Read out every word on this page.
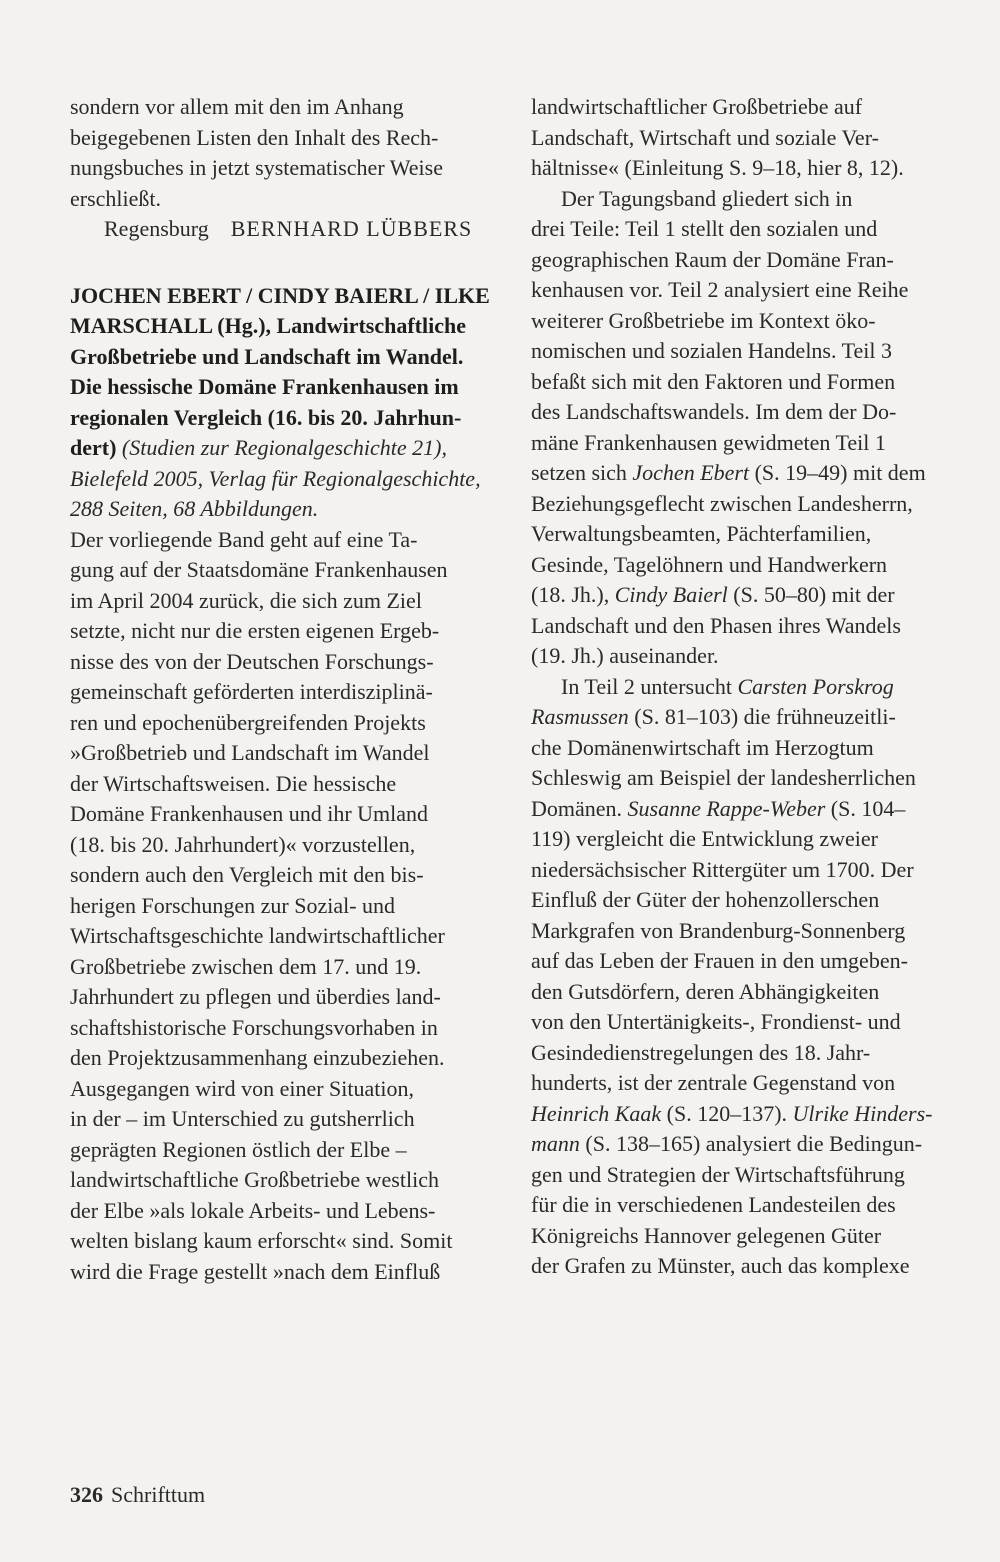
sondern vor allem mit den im Anhang
beigegebenen Listen den Inhalt des Rech-
nungsbuches in jetzt systematischer Weise
erschließt.
Regensburg BERNHARD LÜBBERS
JOCHEN EBERT / CINDY BAIERL / ILKE
MARSCHALL (Hg.), Landwirtschaftliche
Großbetriebe und Landschaft im Wandel.
Die hessische Domäne Frankenhausen im
regionalen Vergleich (16. bis 20. Jahrhun-
dert) (Studien zur Regionalgeschichte 21),
Bielefeld 2005, Verlag für Regionalgeschichte,
288 Seiten, 68 Abbildungen.
Der vorliegende Band geht auf eine Ta-
gung auf der Staatsdomäne Frankenhausen
im April 2004 zurück, die sich zum Ziel
setzte, nicht nur die ersten eigenen Ergeb-
nisse des von der Deutschen Forschungs-
gemeinschaft geförderten interdisziplinä-
ren und epochenübergreifenden Projekts
»Großbetrieb und Landschaft im Wandel
der Wirtschaftsweisen. Die hessische
Domäne Frankenhausen und ihr Umland
(18. bis 20. Jahrhundert)« vorzustellen,
sondern auch den Vergleich mit den bis-
herigen Forschungen zur Sozial- und
Wirtschaftsgeschichte landwirtschaftlicher
Großbetriebe zwischen dem 17. und 19.
Jahrhundert zu pflegen und überdies land-
schaftshistorische Forschungsvorhaben in
den Projektzusammenhang einzubeziehen.
Ausgegangen wird von einer Situation,
in der – im Unterschied zu gutsherrlich
geprägten Regionen östlich der Elbe –
landwirtschaftliche Großbetriebe westlich
der Elbe »als lokale Arbeits- und Lebens-
welten bislang kaum erforscht« sind. Somit
wird die Frage gestellt »nach dem Einfluß
landwirtschaftlicher Großbetriebe auf
Landschaft, Wirtschaft und soziale Ver-
hältnisse« (Einleitung S. 9–18, hier 8, 12).
Der Tagungsband gliedert sich in
drei Teile: Teil 1 stellt den sozialen und
geographischen Raum der Domäne Fran-
kenhausen vor. Teil 2 analysiert eine Reihe
weiterer Großbetriebe im Kontext öko-
nomischen und sozialen Handelns. Teil 3
befaßt sich mit den Faktoren und Formen
des Landschaftswandels. Im dem der Do-
mäne Frankenhausen gewidmeten Teil 1
setzen sich Jochen Ebert (S. 19–49) mit dem
Beziehungsgeflecht zwischen Landesherrn,
Verwaltungsbeamten, Pächterfamilien,
Gesinde, Tagelöhnern und Handwerkern
(18. Jh.), Cindy Baierl (S. 50–80) mit der
Landschaft und den Phasen ihres Wandels
(19. Jh.) auseinander.
In Teil 2 untersucht Carsten Porskrog
Rasmussen (S. 81–103) die frühneuzeitli-
che Domänenwirtschaft im Herzogtum
Schleswig am Beispiel der landesherrlichen
Domänen. Susanne Rappe-Weber (S. 104–
119) vergleicht die Entwicklung zweier
niedersächsischer Rittergüter um 1700. Der
Einfluß der Güter der hohenzollerschen
Markgrafen von Brandenburg-Sonnenberg
auf das Leben der Frauen in den umgeben-
den Gutsdörfern, deren Abhängigkeiten
von den Untertänigkeits-, Frondienst- und
Gesindedienstregelungen des 18. Jahr-
hunderts, ist der zentrale Gegenstand von
Heinrich Kaak (S. 120–137). Ulrike Hinders-
mann (S. 138–165) analysiert die Bedingun-
gen und Strategien der Wirtschaftsführung
für die in verschiedenen Landesteilen des
Königreichs Hannover gelegenen Güter
der Grafen zu Münster, auch das komplexe
326 Schrifttum
